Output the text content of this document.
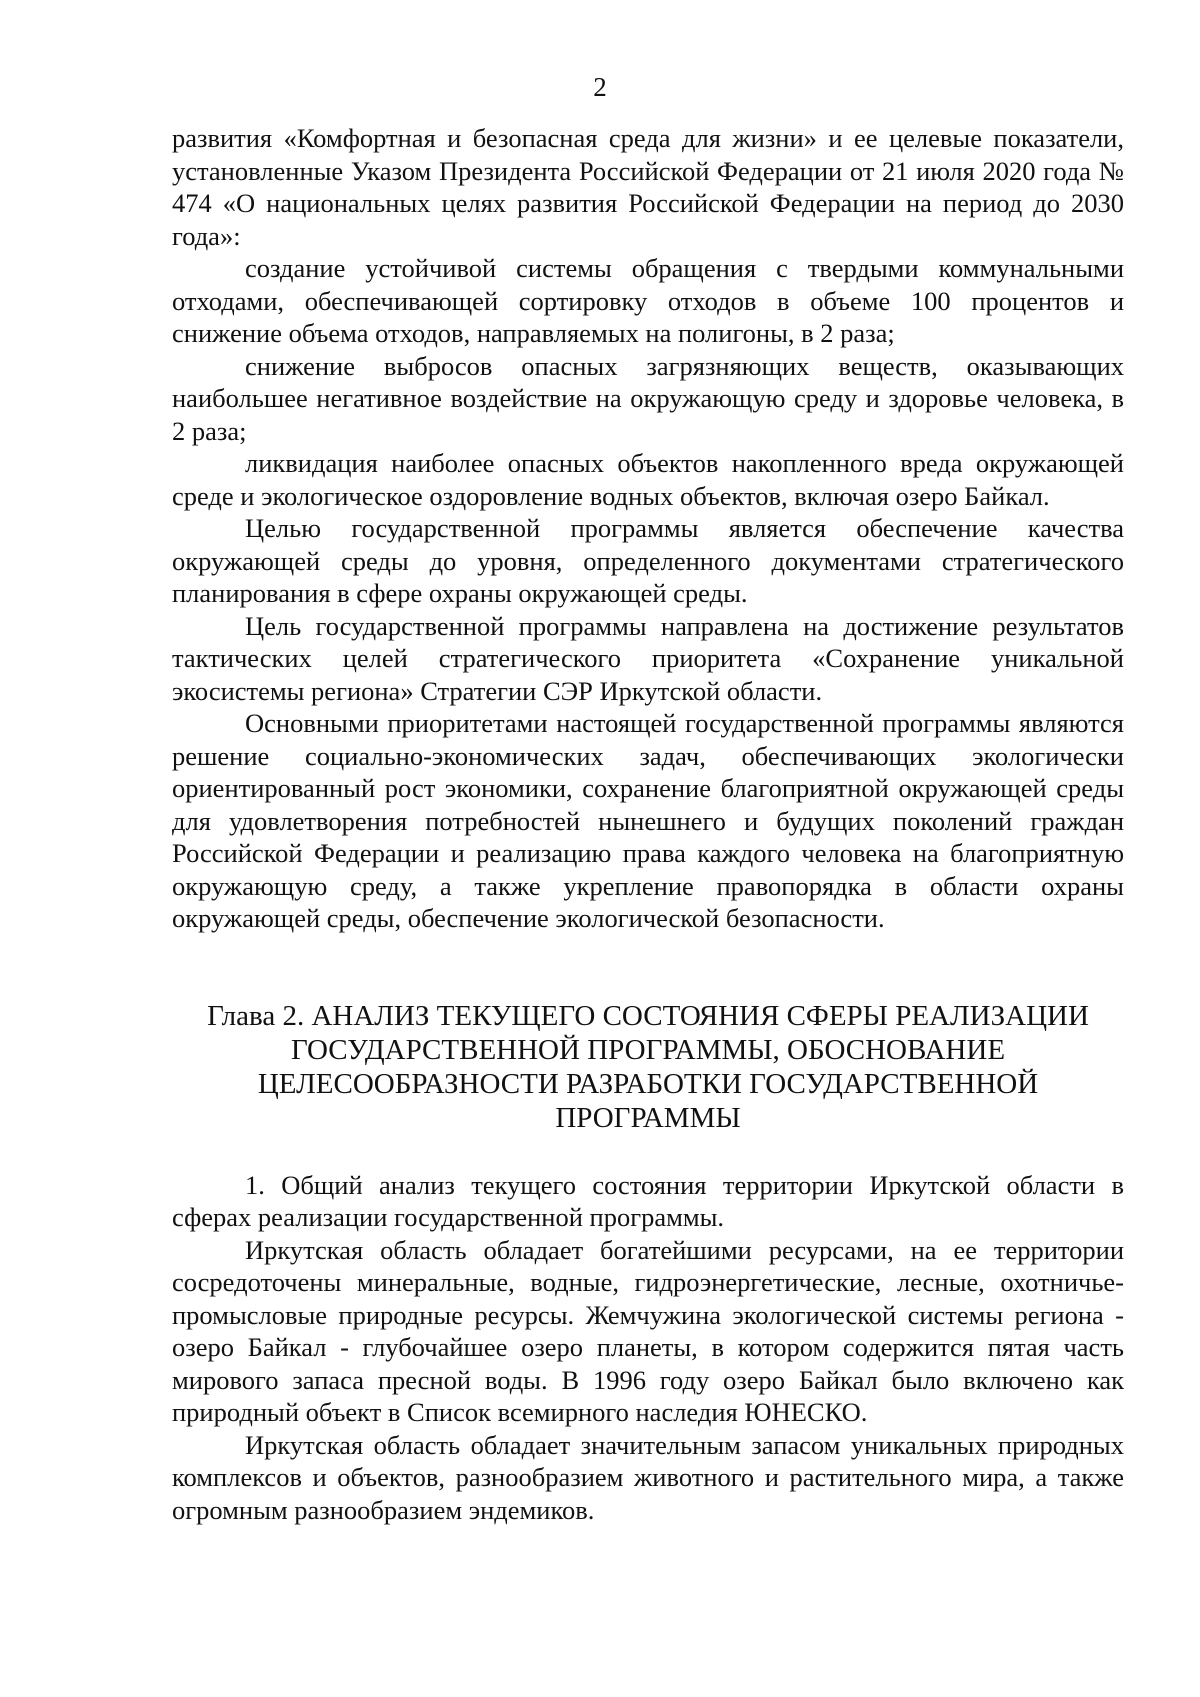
2

развития «Комфортная и безопасная среда для жизни» и ее целевые показатели, установленные Указом Президента Российской Федерации от 21 июля 2020 года № 474 «О национальных целях развития Российской Федерации на период до 2030 года»:

создание устойчивой системы обращения с твердыми коммунальными отходами, обеспечивающей сортировку отходов в объеме 100 процентов и снижение объема отходов, направляемых на полигоны, в 2 раза;

снижение выбросов опасных загрязняющих веществ, оказывающих наибольшее негативное воздействие на окружающую среду и здоровье человека, в 2 раза;

ликвидация наиболее опасных объектов накопленного вреда окружающей среде и экологическое оздоровление водных объектов, включая озеро Байкал.

Целью государственной программы является обеспечение качества окружающей среды до уровня, определенного документами стратегического планирования в сфере охраны окружающей среды.

Цель государственной программы направлена на достижение результатов тактических целей стратегического приоритета «Сохранение уникальной экосистемы региона» Стратегии СЭР Иркутской области.

Основными приоритетами настоящей государственной программы являются решение социально-экономических задач, обеспечивающих экологически ориентированный рост экономики, сохранение благоприятной окружающей среды для удовлетворения потребностей нынешнего и будущих поколений граждан Российской Федерации и реализацию права каждого человека на благоприятную окружающую среду, а также укрепление правопорядка в области охраны окружающей среды, обеспечение экологической безопасности.

Глава 2. АНАЛИЗ ТЕКУЩЕГО СОСТОЯНИЯ СФЕРЫ РЕАЛИЗАЦИИ ГОСУДАРСТВЕННОЙ ПРОГРАММЫ, ОБОСНОВАНИЕ ЦЕЛЕСООБРАЗНОСТИ РАЗРАБОТКИ ГОСУДАРСТВЕННОЙ ПРОГРАММЫ

1. Общий анализ текущего состояния территории Иркутской области в сферах реализации государственной программы.

Иркутская область обладает богатейшими ресурсами, на ее территории сосредоточены минеральные, водные, гидроэнергетические, лесные, охотничье-промысловые природные ресурсы. Жемчужина экологической системы региона - озеро Байкал - глубочайшее озеро планеты, в котором содержится пятая часть мирового запаса пресной воды. В 1996 году озеро Байкал было включено как природный объект в Список всемирного наследия ЮНЕСКО.

Иркутская область обладает значительным запасом уникальных природных комплексов и объектов, разнообразием животного и растительного мира, а также огромным разнообразием эндемиков.
